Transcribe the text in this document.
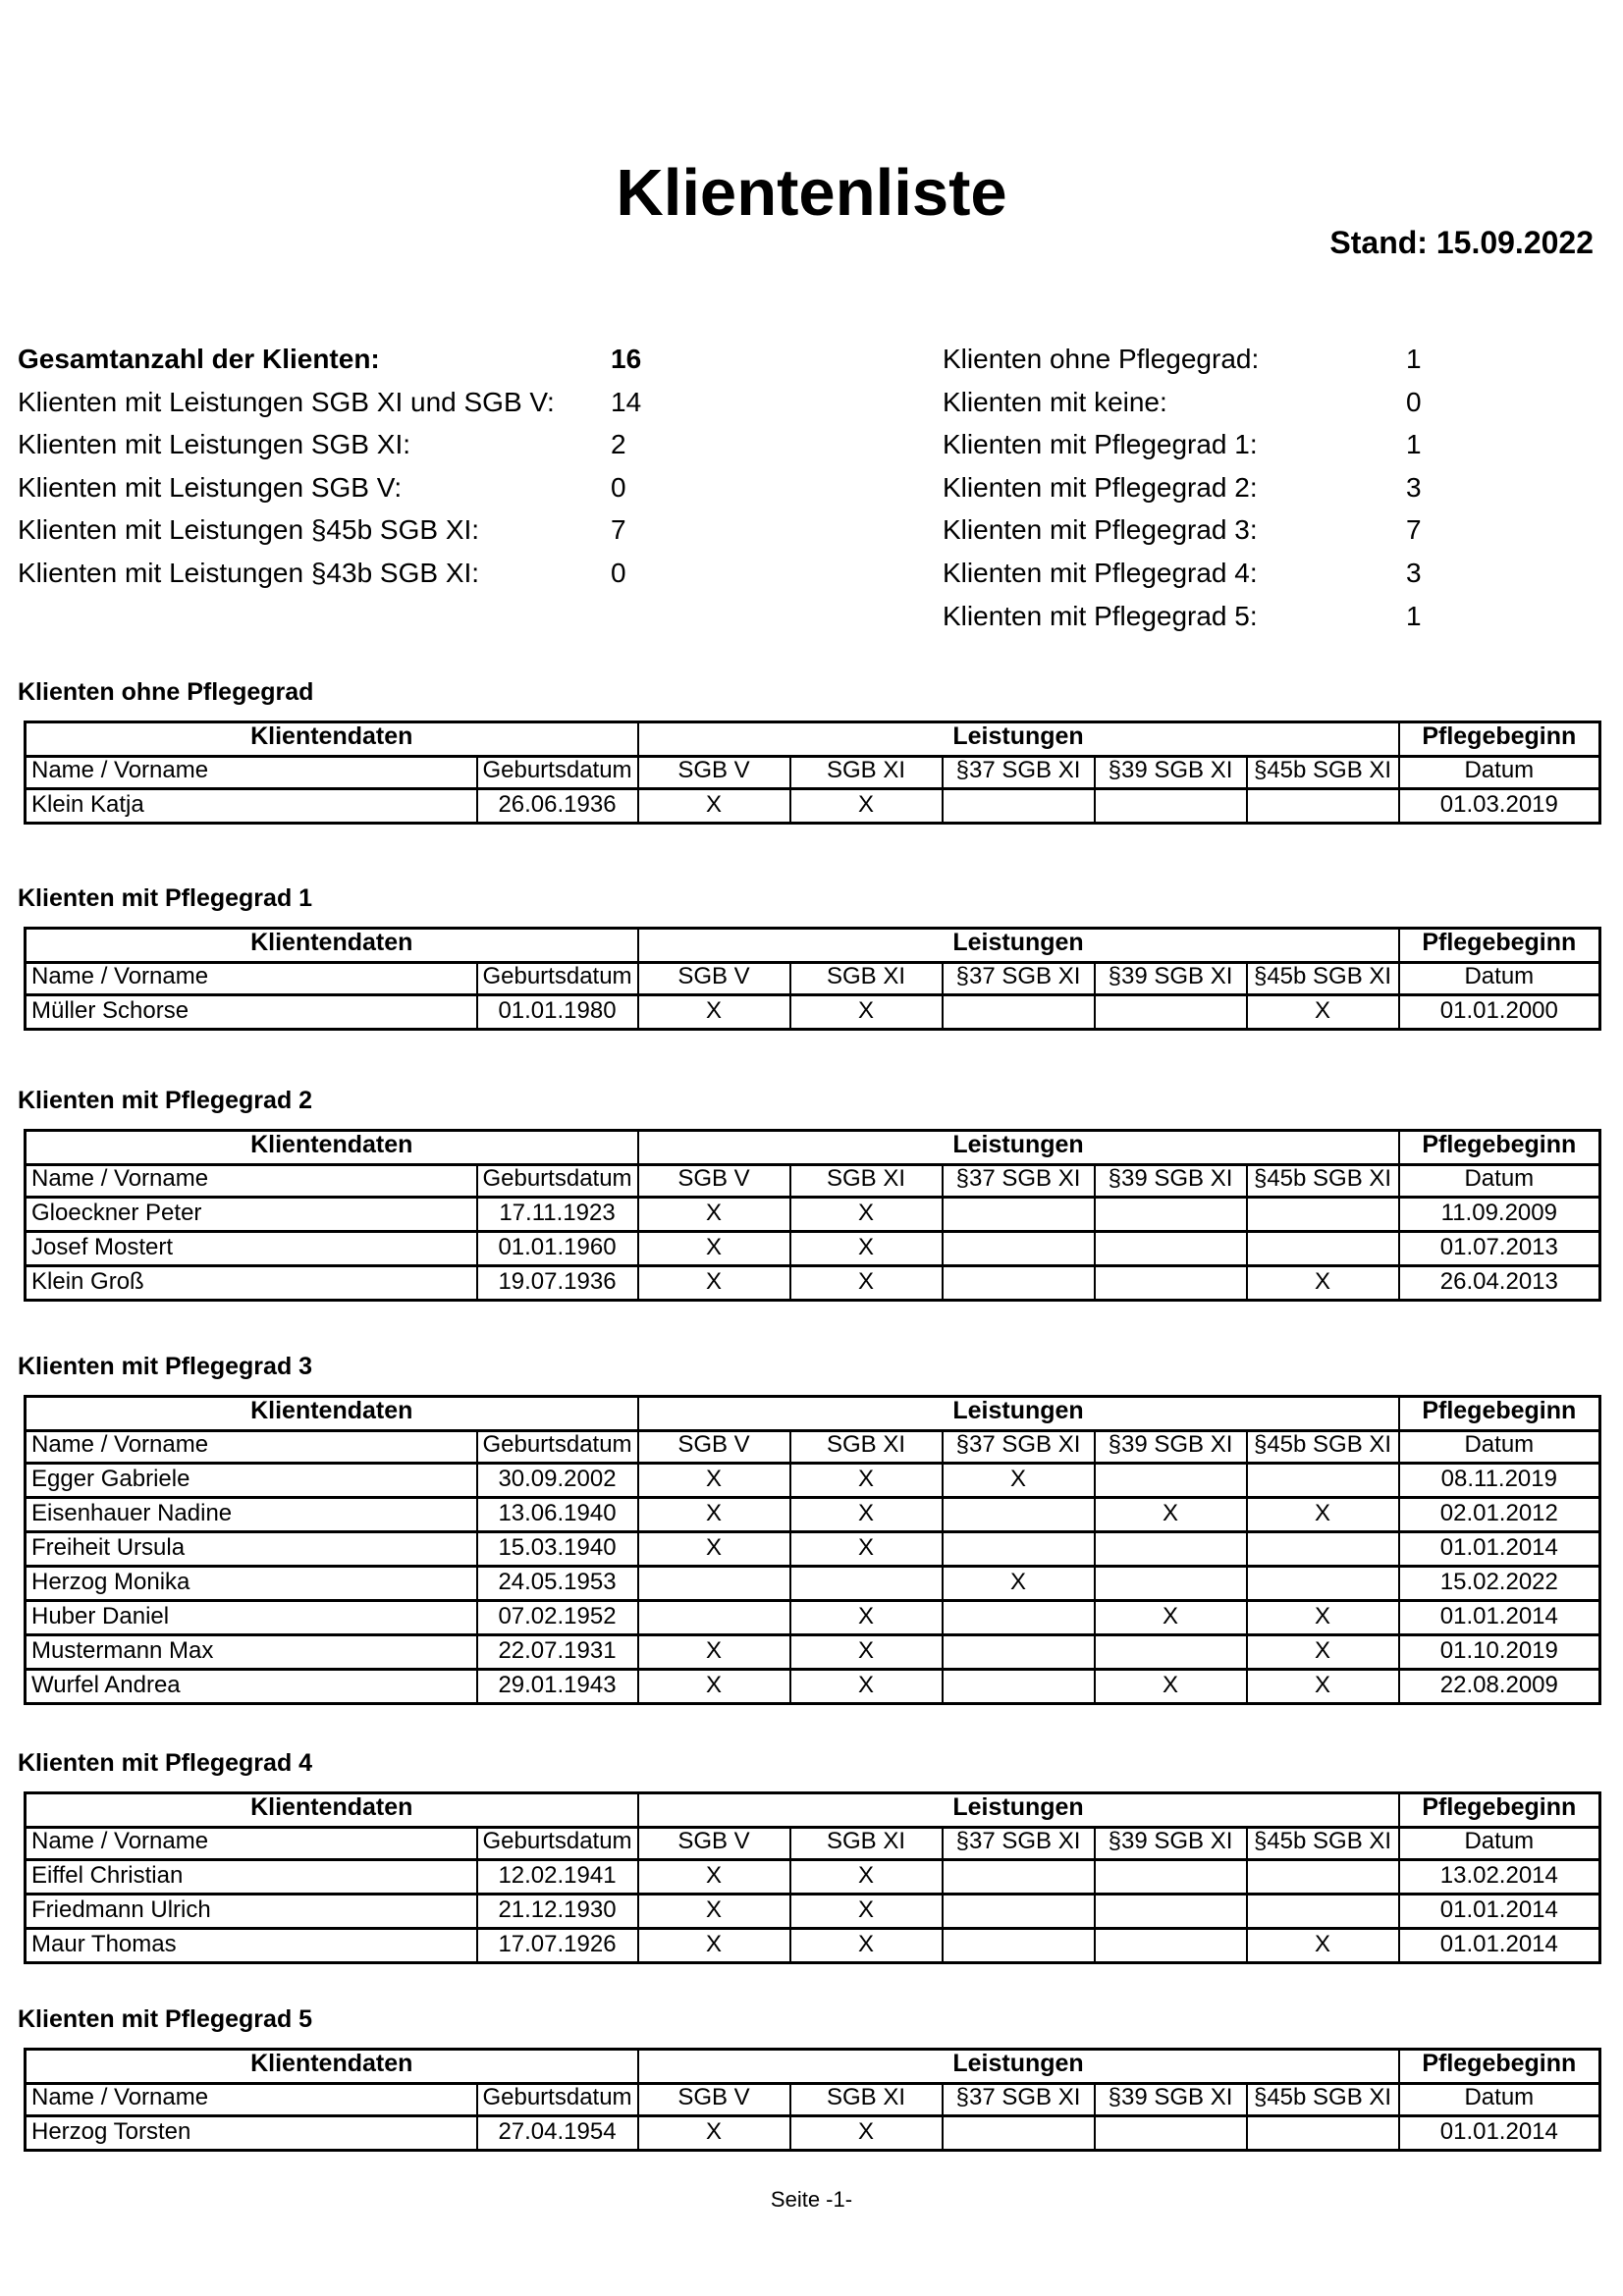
Klientenliste
Stand: 15.09.2022
Gesamtanzahl der Klienten:	16
Klienten mit Leistungen SGB XI und SGB V: 14
Klienten mit Leistungen SGB XI:	2
Klienten mit Leistungen SGB V:	0
Klienten mit Leistungen §45b SGB XI:	7
Klienten mit Leistungen §43b SGB XI:	0
Klienten ohne Pflegegrad:	1
Klienten mit keine:	0
Klienten mit Pflegegrad 1:	1
Klienten mit Pflegegrad 2:	3
Klienten mit Pflegegrad 3:	7
Klienten mit Pflegegrad 4:	3
Klienten mit Pflegegrad 5:	1
Klienten ohne Pflegegrad
Klientendaten		Leistungen					Pflegebeginn
Name / Vorname	Geburtsdatum	SGB V	SGB XI	§37 SGB XI	§39 SGB XI	§45b SGB XI	Datum
Klein Katja	26.06.1936	X	X				01.03.2019
Klienten mit Pflegegrad 1
Klientendaten		Leistungen					Pflegebeginn
Name / Vorname	Geburtsdatum	SGB V	SGB XI	§37 SGB XI	§39 SGB XI	§45b SGB XI	Datum
Müller Schorse	01.01.1980	X	X			X	01.01.2000
Klienten mit Pflegegrad 2
Klientendaten		Leistungen					Pflegebeginn
Name / Vorname	Geburtsdatum	SGB V	SGB XI	§37 SGB XI	§39 SGB XI	§45b SGB XI	Datum
Gloeckner Peter	17.11.1923	X	X				11.09.2009
Josef Mostert	01.01.1960	X	X				01.07.2013
Klein Groß	19.07.1936	X	X			X	26.04.2013
Klienten mit Pflegegrad 3
Klientendaten		Leistungen					Pflegebeginn
Name / Vorname	Geburtsdatum	SGB V	SGB XI	§37 SGB XI	§39 SGB XI	§45b SGB XI	Datum
Egger Gabriele	30.09.2002	X	X	X			08.11.2019
Eisenhauer Nadine	13.06.1940	X	X		X	X	02.01.2012
Freiheit Ursula	15.03.1940	X	X				01.01.2014
Herzog Monika	24.05.1953			X			15.02.2022
Huber Daniel	07.02.1952		X		X	X	01.01.2014
Mustermann Max	22.07.1931	X	X			X	01.10.2019
Wurfel Andrea	29.01.1943	X	X		X	X	22.08.2009
Klienten mit Pflegegrad 4
Klientendaten		Leistungen					Pflegebeginn
Name / Vorname	Geburtsdatum	SGB V	SGB XI	§37 SGB XI	§39 SGB XI	§45b SGB XI	Datum
Eiffel Christian	12.02.1941	X	X				13.02.2014
Friedmann Ulrich	21.12.1930	X	X				01.01.2014
Maur Thomas	17.07.1926	X	X			X	01.01.2014
Klienten mit Pflegegrad 5
Klientendaten		Leistungen					Pflegebeginn
Name / Vorname	Geburtsdatum	SGB V	SGB XI	§37 SGB XI	§39 SGB XI	§45b SGB XI	Datum
Herzog Torsten	27.04.1954	X	X				01.01.2014
Seite -1-
